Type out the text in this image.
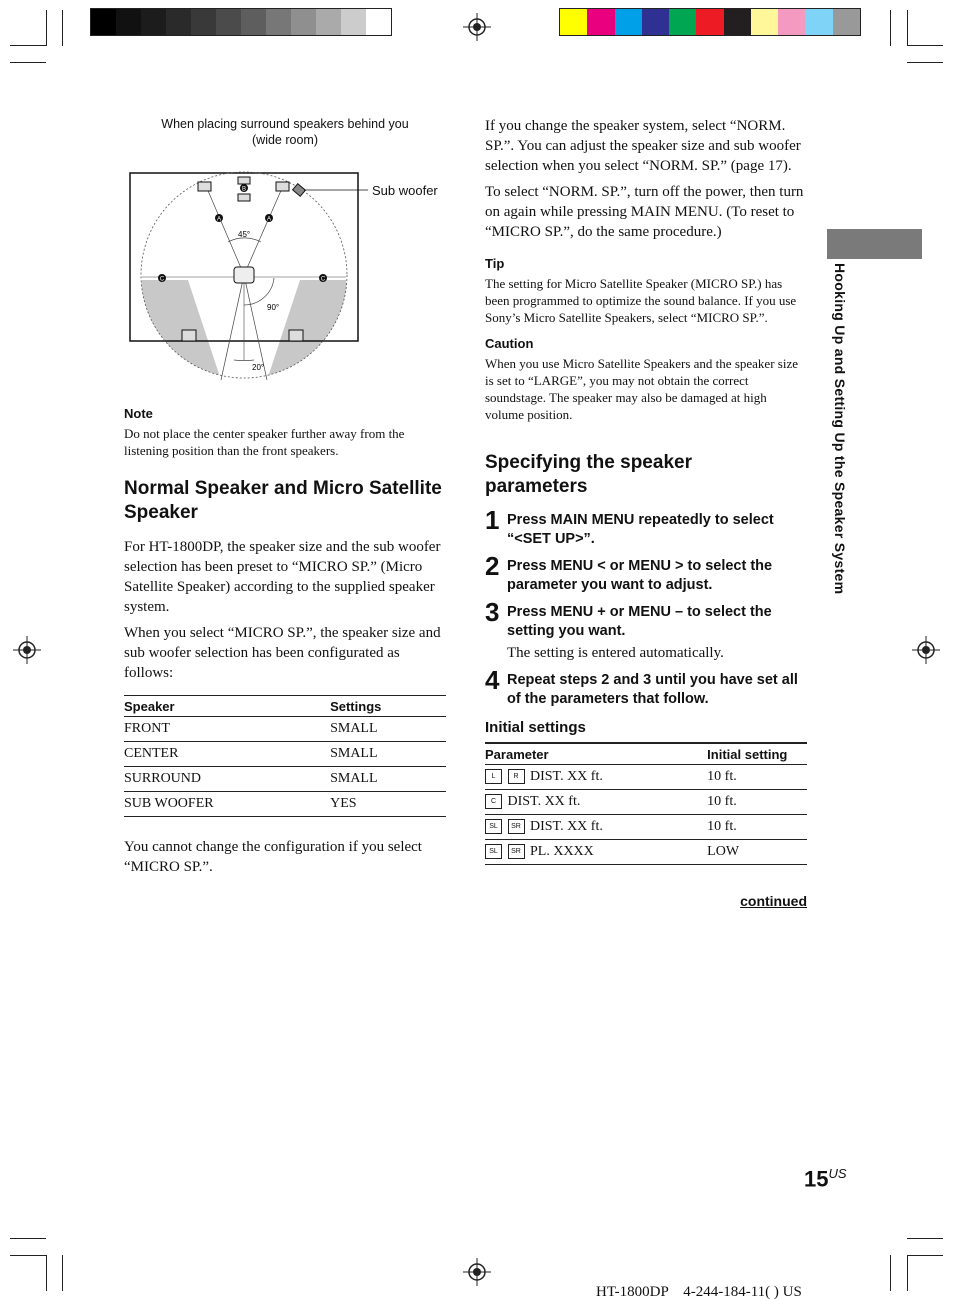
When placing surround speakers behind you
(wide room)
A	A
B
C	C
45°
90°
20°
Sub woofer
Note
Do not place the center speaker further away from the listening position than the front speakers.
Normal Speaker and Micro Satellite Speaker

For HT-1800DP, the speaker size and the sub woofer selection has been preset to “MICRO SP.” (Micro Satellite Speaker) according to the supplied speaker system.

When you select “MICRO SP.”, the speaker size and sub woofer selection has been configurated as follows:

Speaker	Settings
FRONT	SMALL
CENTER	SMALL
SURROUND	SMALL
SUB WOOFER	YES

You cannot change the configuration if you select “MICRO SP.”.

If you change the speaker system, select “NORM. SP.”. You can adjust the speaker size and sub woofer selection when you select “NORM. SP.” (page 17).

To select “NORM. SP.”, turn off the power, then turn on again while pressing MAIN MENU. (To reset to “MICRO SP.”, do the same procedure.)

Tip
The setting for Micro Satellite Speaker (MICRO SP.) has been programmed to optimize the sound balance. If you use Sony’s Micro Satellite Speakers, select “MICRO SP.”.
Caution
When you use Micro Satellite Speakers and the speaker size is set to “LARGE”, you may not obtain the correct soundstage. The speaker may also be damaged at high volume position.
Specifying the speaker parameters
1 Press MAIN MENU repeatedly to select “<SET UP>”.
2 Press MENU < or MENU > to select the parameter you want to adjust.
3 Press MENU + or MENU – to select the setting you want.
The setting is entered automatically.
4 Repeat steps 2 and 3 until you have set all of the parameters that follow.
Initial settings
Parameter	Initial setting
L R DIST. XX ft.	10 ft.
C DIST. XX ft.	10 ft.
SL SR DIST. XX ft.	10 ft.
SL SR PL. XXXX	LOW
continued
Hooking Up and Setting Up the Speaker System
$15^{US}$
HT-1800DP    4-244-184-11( ) US
